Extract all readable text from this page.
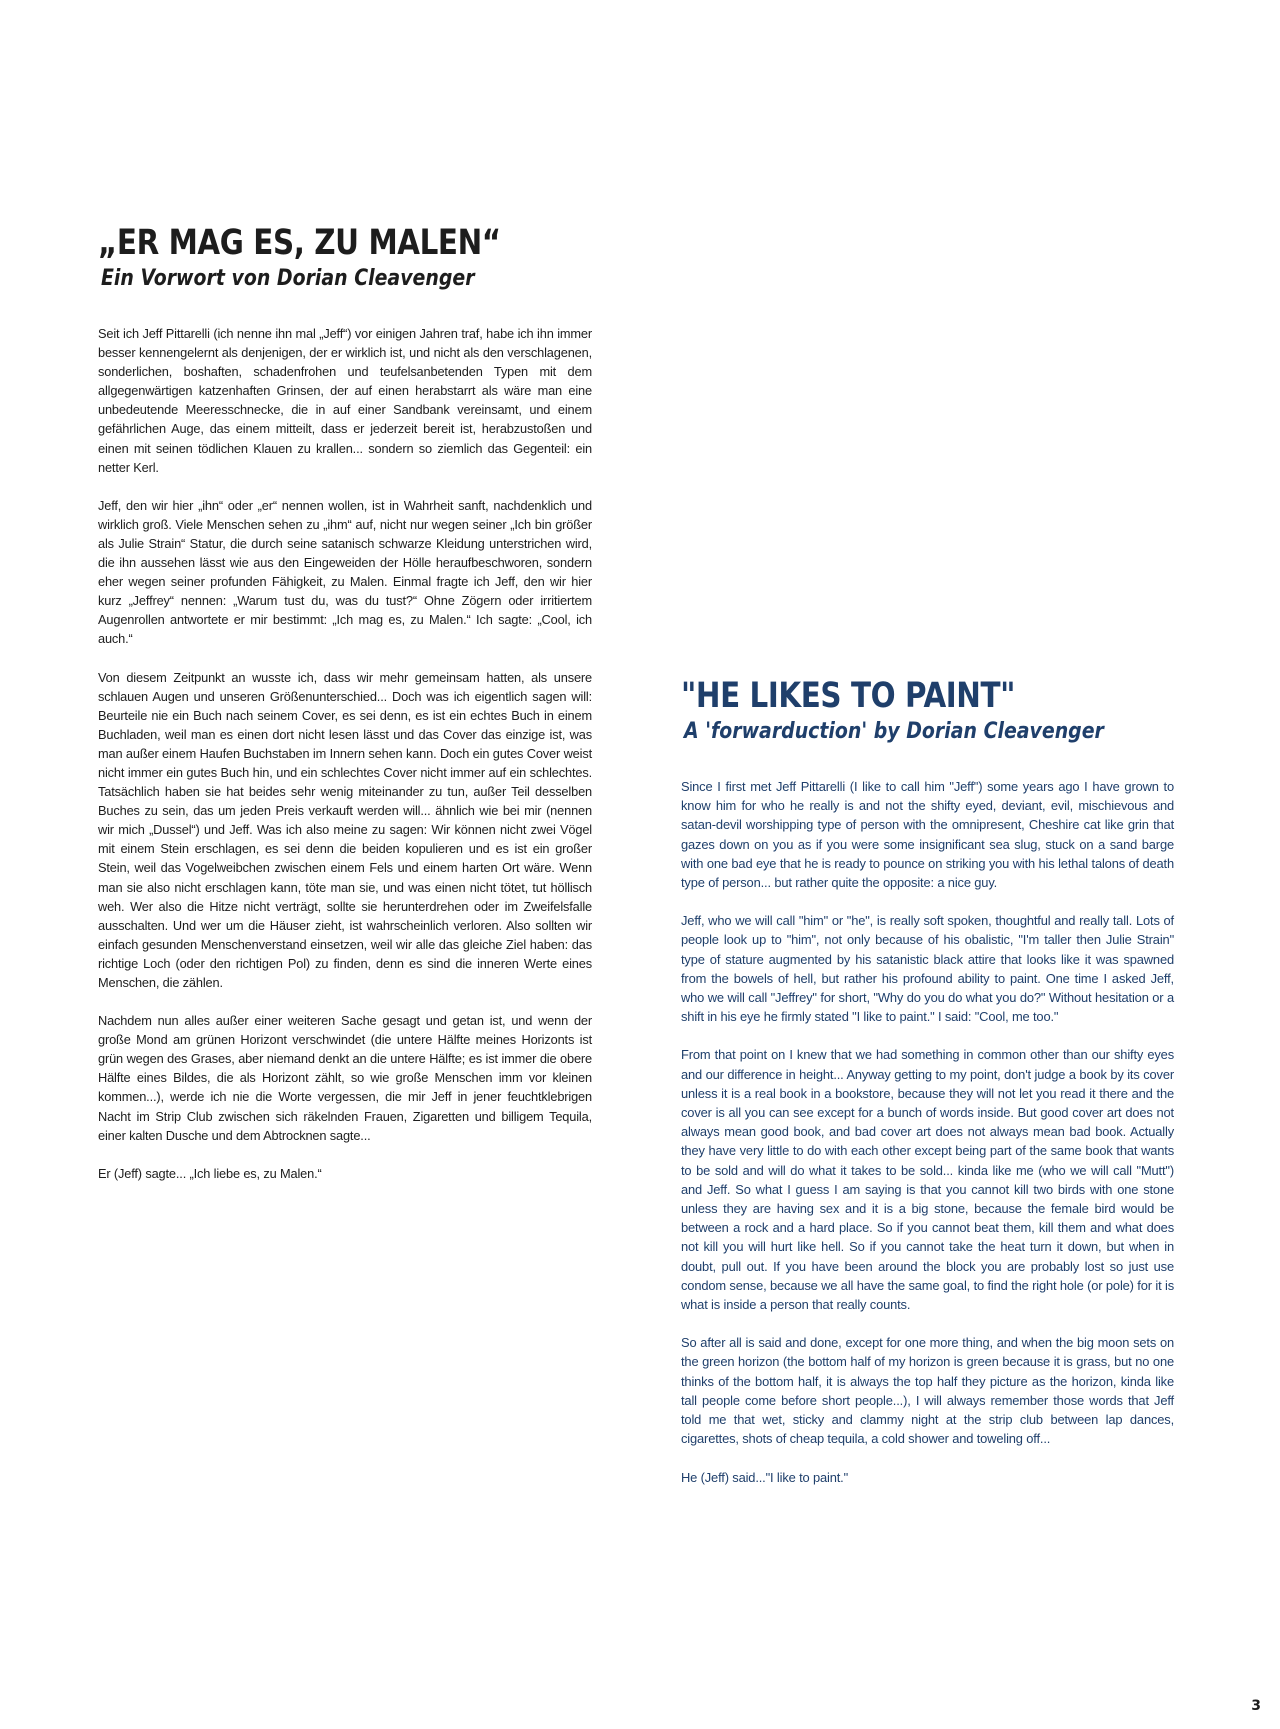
„ER MAG ES, ZU MALEN“
Ein Vorwort von Dorian Cleavenger

Seit ich Jeff Pittarelli (ich nenne ihn mal „Jeff“) vor einigen Jahren traf, habe ich ihn immer besser kennengelernt als denjenigen, der er wirklich ist, und nicht als den verschlagenen, sonderlichen, boshaften, schadenfrohen und teufelsanbetenden Typen mit dem allgegenwärtigen katzenhaften Grinsen, der auf einen herabstarrt als wäre man eine unbedeutende Meeresschnecke, die in auf einer Sandbank vereinsamt, und einem gefährlichen Auge, das einem mitteilt, dass er jederzeit bereit ist, herabzustoßen und einen mit seinen tödlichen Klauen zu krallen... sondern so ziemlich das Gegenteil: ein netter Kerl.

Jeff, den wir hier „ihn“ oder „er“ nennen wollen, ist in Wahrheit sanft, nachdenklich und wirklich groß. Viele Menschen sehen zu „ihm“ auf, nicht nur wegen seiner „Ich bin größer als Julie Strain“ Statur, die durch seine satanisch schwarze Kleidung unterstrichen wird, die ihn aussehen lässt wie aus den Eingeweiden der Hölle heraufbeschworen, sondern eher wegen seiner profunden Fähigkeit, zu Malen. Einmal fragte ich Jeff, den wir hier kurz „Jeffrey“ nennen: „Warum tust du, was du tust?“ Ohne Zögern oder irritiertem Augenrollen antwortete er mir bestimmt: „Ich mag es, zu Malen.“ Ich sagte: „Cool, ich auch.“

Von diesem Zeitpunkt an wusste ich, dass wir mehr gemeinsam hatten, als unsere schlauen Augen und unseren Größenunterschied... Doch was ich eigentlich sagen will: Beurteile nie ein Buch nach seinem Cover, es sei denn, es ist ein echtes Buch in einem Buchladen, weil man es einen dort nicht lesen lässt und das Cover das einzige ist, was man außer einem Haufen Buchstaben im Innern sehen kann. Doch ein gutes Cover weist nicht immer ein gutes Buch hin, und ein schlechtes Cover nicht immer auf ein schlechtes. Tatsächlich haben sie hat beides sehr wenig miteinander zu tun, außer Teil desselben Buches zu sein, das um jeden Preis verkauft werden will... ähnlich wie bei mir (nennen wir mich „Dussel“) und Jeff. Was ich also meine zu sagen: Wir können nicht zwei Vögel mit einem Stein erschlagen, es sei denn die beiden kopulieren und es ist ein großer Stein, weil das Vogelweibchen zwischen einem Fels und einem harten Ort wäre. Wenn man sie also nicht erschlagen kann, töte man sie, und was einen nicht tötet, tut höllisch weh. Wer also die Hitze nicht verträgt, sollte sie herunterdrehen oder im Zweifelsfalle ausschalten. Und wer um die Häuser zieht, ist wahrscheinlich verloren. Also sollten wir einfach gesunden Menschenverstand einsetzen, weil wir alle das gleiche Ziel haben: das richtige Loch (oder den richtigen Pol) zu finden, denn es sind die inneren Werte eines Menschen, die zählen.

Nachdem nun alles außer einer weiteren Sache gesagt und getan ist, und wenn der große Mond am grünen Horizont verschwindet (die untere Hälfte meines Horizonts ist grün wegen des Grases, aber niemand denkt an die untere Hälfte; es ist immer die obere Hälfte eines Bildes, die als Horizont zählt, so wie große Menschen imm vor kleinen kommen...), werde ich nie die Worte vergessen, die mir Jeff in jener feuchtklebrigen Nacht im Strip Club zwischen sich räkelnden Frauen, Zigaretten und billigem Tequila, einer kalten Dusche und dem Abtrocknen sagte...

Er (Jeff) sagte... „Ich liebe es, zu Malen.“

"HE LIKES TO PAINT"
A 'forwarduction' by Dorian Cleavenger

Since I first met Jeff Pittarelli (I like to call him "Jeff") some years ago I have grown to know him for who he really is and not the shifty eyed, deviant, evil, mischievous and satan-devil worshipping type of person with the omnipresent, Cheshire cat like grin that gazes down on you as if you were some insignificant sea slug, stuck on a sand barge with one bad eye that he is ready to pounce on striking you with his lethal talons of death type of person... but rather quite the opposite: a nice guy.

Jeff, who we will call "him" or "he", is really soft spoken, thoughtful and really tall. Lots of people look up to "him", not only because of his obalistic, "I'm taller then Julie Strain" type of stature augmented by his satanistic black attire that looks like it was spawned from the bowels of hell, but rather his profound ability to paint. One time I asked Jeff, who we will call "Jeffrey" for short, "Why do you do what you do?" Without hesitation or a shift in his eye he firmly stated "I like to paint." I said: "Cool, me too."

From that point on I knew that we had something in common other than our shifty eyes and our difference in height... Anyway getting to my point, don't judge a book by its cover unless it is a real book in a bookstore, because they will not let you read it there and the cover is all you can see except for a bunch of words inside. But good cover art does not always mean good book, and bad cover art does not always mean bad book. Actually they have very little to do with each other except being part of the same book that wants to be sold and will do what it takes to be sold... kinda like me (who we will call "Mutt") and Jeff. So what I guess I am saying is that you cannot kill two birds with one stone unless they are having sex and it is a big stone, because the female bird would be between a rock and a hard place. So if you cannot beat them, kill them and what does not kill you will hurt like hell. So if you cannot take the heat turn it down, but when in doubt, pull out. If you have been around the block you are probably lost so just use condom sense, because we all have the same goal, to find the right hole (or pole) for it is what is inside a person that really counts.

So after all is said and done, except for one more thing, and when the big moon sets on the green horizon (the bottom half of my horizon is green because it is grass, but no one thinks of the bottom half, it is always the top half they picture as the horizon, kinda like tall people come before short people...), I will always remember those words that Jeff told me that wet, sticky and clammy night at the strip club between lap dances, cigarettes, shots of cheap tequila, a cold shower and toweling off...

He (Jeff) said..."I like to paint."

3
